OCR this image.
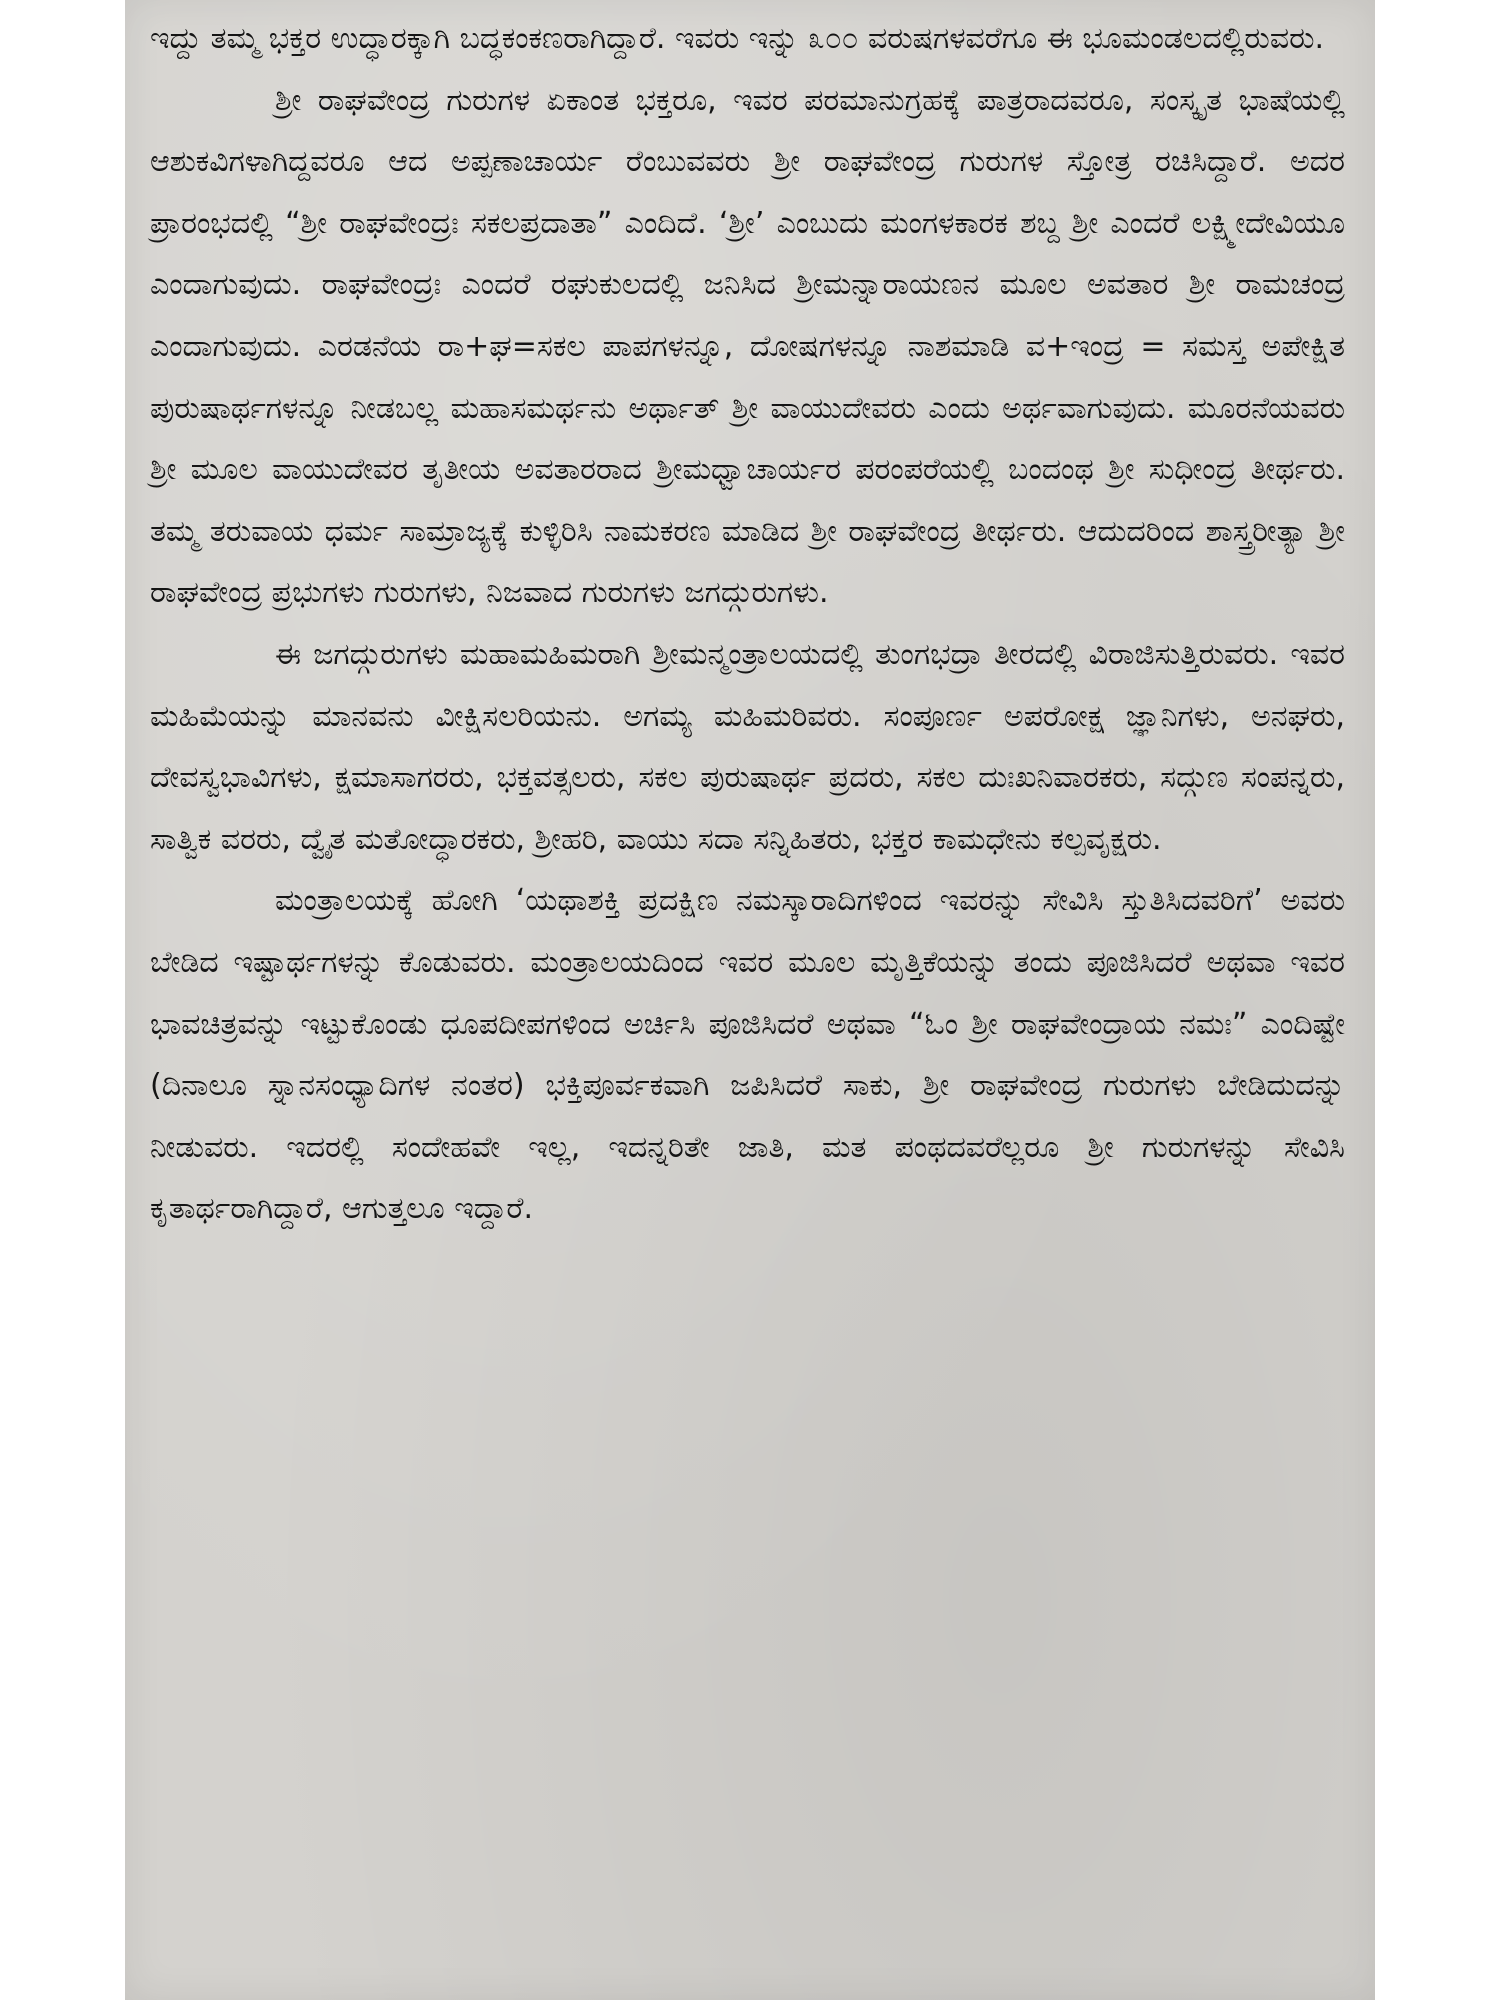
ಇದ್ದು ತಮ್ಮ ಭಕ್ತರ ಉದ್ಧಾರಕ್ಕಾಗಿ ಬದ್ಧಕಂಕಣರಾಗಿದ್ದಾರೆ. ಇವರು ಇನ್ನು ೩೦೦ ವರುಷಗಳವರೆಗೂ ಈ ಭೂಮಂಡಲದಲ್ಲಿರುವರು.

ಶ್ರೀ ರಾಘವೇಂದ್ರ ಗುರುಗಳ ಏಕಾಂತ ಭಕ್ತರೂ, ಇವರ ಪರಮಾನುಗ್ರಹಕ್ಕೆ ಪಾತ್ರರಾದವರೂ, ಸಂಸ್ಕೃತ ಭಾಷೆಯಲ್ಲಿ ಆಶುಕವಿಗಳಾಗಿದ್ದವರೂ ಆದ ಅಪ್ಪಣಾಚಾರ್ಯ ರೆಂಬುವವರು ಶ್ರೀ ರಾಘವೇಂದ್ರ ಗುರುಗಳ ಸ್ತೋತ್ರ ರಚಿಸಿದ್ದಾರೆ. ಅದರ ಪ್ರಾರಂಭದಲ್ಲಿ “ಶ್ರೀ ರಾಘವೇಂದ್ರಃ ಸಕಲಪ್ರದಾತಾ” ಎಂದಿದೆ. ‘ಶ್ರೀ’ ಎಂಬುದು ಮಂಗಳಕಾರಕ ಶಬ್ದ ಶ್ರೀ ಎಂದರೆ ಲಕ್ಷ್ಮೀದೇವಿಯೂ ಎಂದಾಗುವುದು. ರಾಘವೇಂದ್ರಃ ಎಂದರೆ ರಘುಕುಲದಲ್ಲಿ ಜನಿಸಿದ ಶ್ರೀಮನ್ನಾರಾಯಣನ ಮೂಲ ಅವತಾರ ಶ್ರೀ ರಾಮಚಂದ್ರ ಎಂದಾಗುವುದು. ಎರಡನೆಯ ರಾ+ಘ=ಸಕಲ ಪಾಪಗಳನ್ನೂ, ದೋಷಗಳನ್ನೂ ನಾಶಮಾಡಿ ವ+ಇಂದ್ರ = ಸಮಸ್ತ ಅಪೇಕ್ಷಿತ ಪುರುಷಾರ್ಥಗಳನ್ನೂ ನೀಡಬಲ್ಲ ಮಹಾಸಮರ್ಥನು ಅರ್ಥಾತ್ ಶ್ರೀ ವಾಯುದೇವರು ಎಂದು ಅರ್ಥವಾಗುವುದು. ಮೂರನೆಯವರು ಶ್ರೀ ಮೂಲ ವಾಯುದೇವರ ತೃತೀಯ ಅವತಾರರಾದ ಶ್ರೀಮಧ್ವಾಚಾರ್ಯರ ಪರಂಪರೆಯಲ್ಲಿ ಬಂದಂಥ ಶ್ರೀ ಸುಧೀಂದ್ರ ತೀರ್ಥರು. ತಮ್ಮ ತರುವಾಯ ಧರ್ಮ ಸಾಮ್ರಾಜ್ಯಕ್ಕೆ ಕುಳ್ಳಿರಿಸಿ ನಾಮಕರಣ ಮಾಡಿದ ಶ್ರೀ ರಾಘವೇಂದ್ರ ತೀರ್ಥರು. ಆದುದರಿಂದ ಶಾಸ್ತ್ರರೀತ್ಯಾ ಶ್ರೀ ರಾಘವೇಂದ್ರ ಪ್ರಭುಗಳು ಗುರುಗಳು, ನಿಜವಾದ ಗುರುಗಳು ಜಗದ್ಗುರುಗಳು.

ಈ ಜಗದ್ಗುರುಗಳು ಮಹಾಮಹಿಮರಾಗಿ ಶ್ರೀಮನ್ಮಂತ್ರಾಲಯದಲ್ಲಿ ತುಂಗಭದ್ರಾ ತೀರದಲ್ಲಿ ವಿರಾಜಿಸುತ್ತಿರುವರು. ಇವರ ಮಹಿಮೆಯನ್ನು ಮಾನವನು ವೀಕ್ಷಿಸಲರಿಯನು. ಅಗಮ್ಯ ಮಹಿಮರಿವರು. ಸಂಪೂರ್ಣ ಅಪರೋಕ್ಷ ಜ್ಞಾನಿಗಳು, ಅನಘರು, ದೇವಸ್ವಭಾವಿಗಳು, ಕ್ಷಮಾಸಾಗರರು, ಭಕ್ತವತ್ಸಲರು, ಸಕಲ ಪುರುಷಾರ್ಥ ಪ್ರದರು, ಸಕಲ ದುಃಖನಿವಾರಕರು, ಸದ್ಗುಣ ಸಂಪನ್ನರು, ಸಾತ್ವಿಕ ವರರು, ದ್ವೈತ ಮತೋದ್ಧಾರಕರು, ಶ್ರೀಹರಿ, ವಾಯು ಸದಾ ಸನ್ನಿಹಿತರು, ಭಕ್ತರ ಕಾಮಧೇನು ಕಲ್ಪವೃಕ್ಷರು.

ಮಂತ್ರಾಲಯಕ್ಕೆ ಹೋಗಿ ‘ಯಥಾಶಕ್ತಿ ಪ್ರದಕ್ಷಿಣ ನಮಸ್ಕಾರಾದಿಗಳಿಂದ ಇವರನ್ನು ಸೇವಿಸಿ ಸ್ತುತಿಸಿದವರಿಗೆ’ ಅವರು ಬೇಡಿದ ಇಷ್ಟಾರ್ಥಗಳನ್ನು ಕೊಡುವರು. ಮಂತ್ರಾಲಯದಿಂದ ಇವರ ಮೂಲ ಮೃತ್ತಿಕೆಯನ್ನು ತಂದು ಪೂಜಿಸಿದರೆ ಅಥವಾ ಇವರ ಭಾವಚಿತ್ರವನ್ನು ಇಟ್ಟುಕೊಂಡು ಧೂಪದೀಪಗಳಿಂದ ಅರ್ಚಿಸಿ ಪೂಜಿಸಿದರೆ ಅಥವಾ “ಓಂ ಶ್ರೀ ರಾಘವೇಂದ್ರಾಯ ನಮಃ” ಎಂದಿಷ್ಟೇ (ದಿನಾಲೂ ಸ್ನಾನಸಂಧ್ಯಾದಿಗಳ ನಂತರ) ಭಕ್ತಿಪೂರ್ವಕವಾಗಿ ಜಪಿಸಿದರೆ ಸಾಕು, ಶ್ರೀ ರಾಘವೇಂದ್ರ ಗುರುಗಳು ಬೇಡಿದುದನ್ನು ನೀಡುವರು. ಇದರಲ್ಲಿ ಸಂದೇಹವೇ ಇಲ್ಲ, ಇದನ್ನರಿತೇ ಜಾತಿ, ಮತ ಪಂಥದವರೆಲ್ಲರೂ ಶ್ರೀ ಗುರುಗಳನ್ನು ಸೇವಿಸಿ ಕೃತಾರ್ಥರಾಗಿದ್ದಾರೆ, ಆಗುತ್ತಲೂ ಇದ್ದಾರೆ.
